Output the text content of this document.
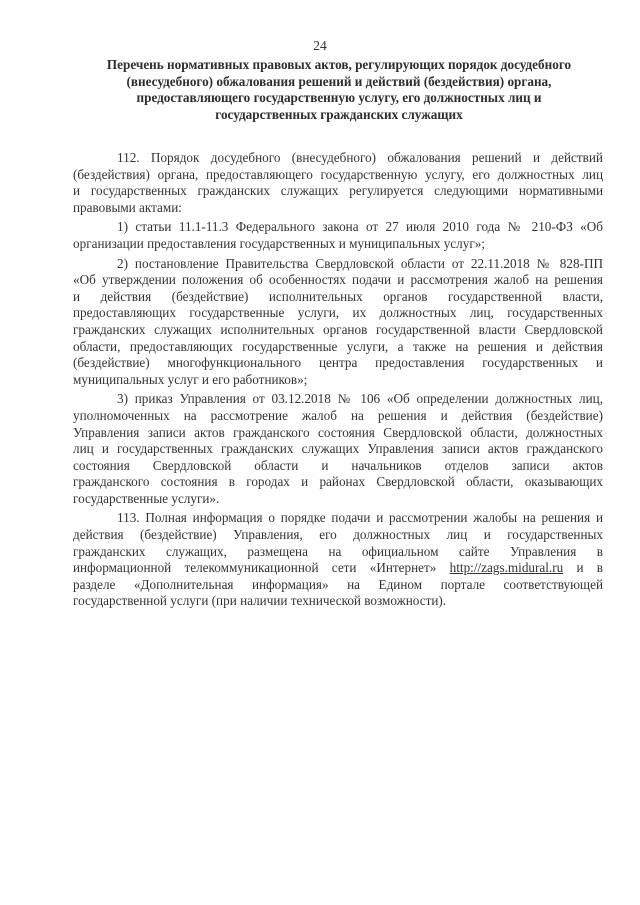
24
Перечень нормативных правовых актов, регулирующих порядок досудебного
(внесудебного) обжалования решений и действий (бездействия) органа,
предоставляющего государственную услугу, его должностных лиц и
государственных гражданских служащих
112. Порядок досудебного (внесудебного) обжалования решений и действий
(бездействия) органа, предоставляющего государственную услугу, его должностных лиц
и государственных гражданских служащих регулируется следующими нормативными
правовыми актами:
1) статьи 11.1-11.3 Федерального закона от 27 июля 2010 года № 210-ФЗ «Об
организации предоставления государственных и муниципальных услуг»;
2) постановление Правительства Свердловской области от 22.11.2018 № 828-ПП
«Об утверждении положения об особенностях подачи и рассмотрения жалоб на решения
и действия (бездействие) исполнительных органов государственной власти,
предоставляющих государственные услуги, их должностных лиц, государственных
гражданских служащих исполнительных органов государственной власти Свердловской
области, предоставляющих государственные услуги, а также на решения и действия
(бездействие) многофункционального центра предоставления государственных и
муниципальных услуг и его работников»;
3) приказ Управления от 03.12.2018 № 106 «Об определении должностных лиц,
уполномоченных на рассмотрение жалоб на решения и действия (бездействие)
Управления записи актов гражданского состояния Свердловской области, должностных
лиц и государственных гражданских служащих Управления записи актов гражданского
состояния Свердловской области и начальников отделов записи актов
гражданского состояния в городах и районах Свердловской области, оказывающих
государственные услуги».
113. Полная информация о порядке подачи и рассмотрении жалобы на решения и
действия (бездействие) Управления, его должностных лиц и государственных
гражданских служащих, размещена на официальном сайте Управления в
информационной телекоммуникационной сети «Интернет» http://zags.midural.ru и в
разделе «Дополнительная информация» на Едином портале соответствующей
государственной услуги (при наличии технической возможности).
